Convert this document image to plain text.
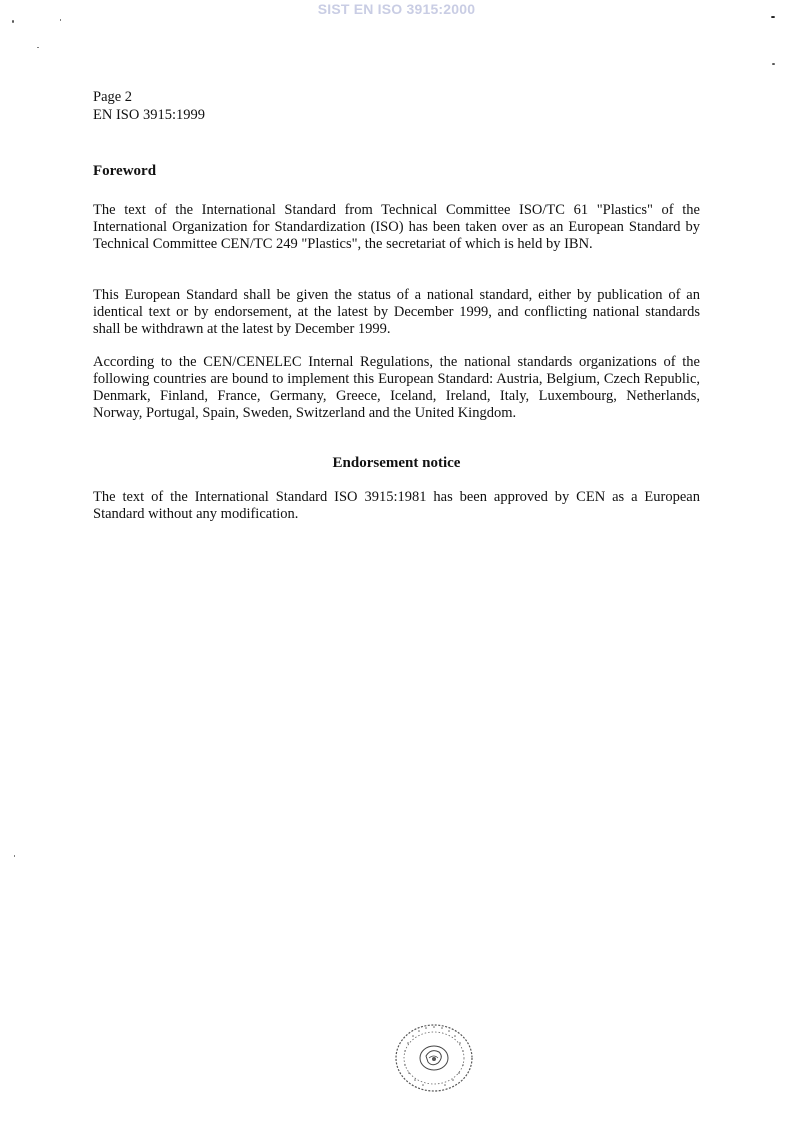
SIST EN ISO 3915:2000
Page 2
EN ISO 3915:1999
Foreword

The text of the International Standard from Technical Committee ISO/TC 61 "Plastics" of the International Organization for Standardization (ISO) has been taken over as an European Standard by Technical Committee CEN/TC 249 "Plastics", the secretariat of which is held by IBN.

This European Standard shall be given the status of a national standard, either by publication of an identical text or by endorsement, at the latest by December 1999, and conflicting national standards shall be withdrawn at the latest by December 1999.

According to the CEN/CENELEC Internal Regulations, the national standards organizations of the following countries are bound to implement this European Standard: Austria, Belgium, Czech Republic, Denmark, Finland, France, Germany, Greece, Iceland, Ireland, Italy, Luxembourg, Netherlands, Norway, Portugal, Spain, Sweden, Switzerland and the United Kingdom.

Endorsement notice

The text of the International Standard ISO 3915:1981 has been approved by CEN as a European Standard without any modification.
